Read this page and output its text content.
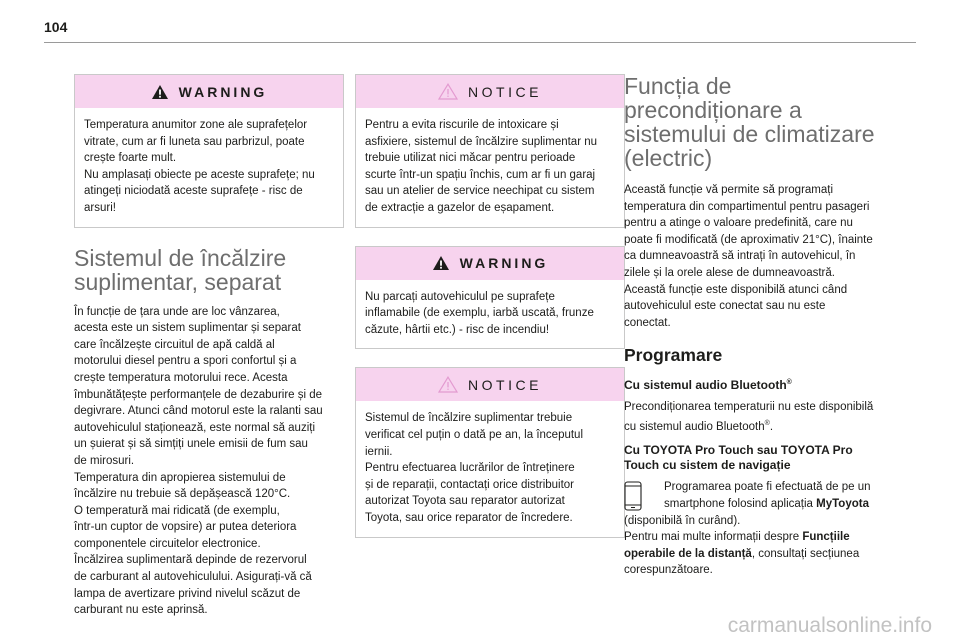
104
WARNING

Temperatura anumitor zone ale suprafețelor

vitrate, cum ar fi luneta sau parbrizul, poate

crește foarte mult.

Nu amplasați obiecte pe aceste suprafețe; nu

atingeți niciodată aceste suprafețe - risc de

arsuri!

Sistemul de încălzire
suplimentar, separat

În funcție de țara unde are loc vânzarea,

acesta este un sistem suplimentar și separat

care încălzește circuitul de apă caldă al

motorului diesel pentru a spori confortul și a

crește temperatura motorului rece. Acesta

îmbunătățește performanțele de dezaburire și de

degivrare. Atunci când motorul este la ralanti sau

autovehiculul staționează, este normal să auziți

un șuierat și să simțiți unele emisii de fum sau

de mirosuri.

Temperatura din apropierea sistemului de

încălzire nu trebuie să depășească 120°C.

O temperatură mai ridicată (de exemplu,

într-un cuptor de vopsire) ar putea deteriora

componentele circuitelor electronice.

Încălzirea suplimentară depinde de rezervorul

de carburant al autovehiculului. Asigurați-vă că

lampa de avertizare privind nivelul scăzut de

carburant nu este aprinsă.

NOTICE

Pentru a evita riscurile de intoxicare și

asfixiere, sistemul de încălzire suplimentar nu

trebuie utilizat nici măcar pentru perioade

scurte într-un spațiu închis, cum ar fi un garaj

sau un atelier de service neechipat cu sistem

de extracție a gazelor de eșapament.

WARNING

Nu parcați autovehiculul pe suprafețe

inflamabile (de exemplu, iarbă uscată, frunze

căzute, hârtii etc.) - risc de incendiu!

NOTICE

Sistemul de încălzire suplimentar trebuie

verificat cel puțin o dată pe an, la începutul

iernii.

Pentru efectuarea lucrărilor de întreținere

și de reparații, contactați orice distribuitor

autorizat Toyota sau reparator autorizat

Toyota, sau orice reparator de încredere.

Funcția de
precondiționare a
sistemului de climatizare
(electric)

Această funcție vă permite să programați

temperatura din compartimentul pentru pasageri

pentru a atinge o valoare predefinită, care nu

poate fi modificată (de aproximativ 21°C), înainte

ca dumneavoastră să intrați în autovehicul, în

zilele și la orele alese de dumneavoastră.

Această funcție este disponibilă atunci când

autovehiculul este conectat sau nu este

conectat.

Programare
Cu sistemul audio Bluetooth®

Precondiționarea temperaturii nu este disponibilă

cu sistemul audio Bluetooth®.

Cu TOYOTA Pro Touch sau TOYOTA Pro
Touch cu sistem de navigație

Programarea poate fi efectuată de pe un

smartphone folosind aplicația MyToyota

(disponibilă în curând).

Pentru mai multe informații despre Funcțiile

operabile de la distanță, consultați secțiunea

corespunzătoare.

carmanualsonline.info
